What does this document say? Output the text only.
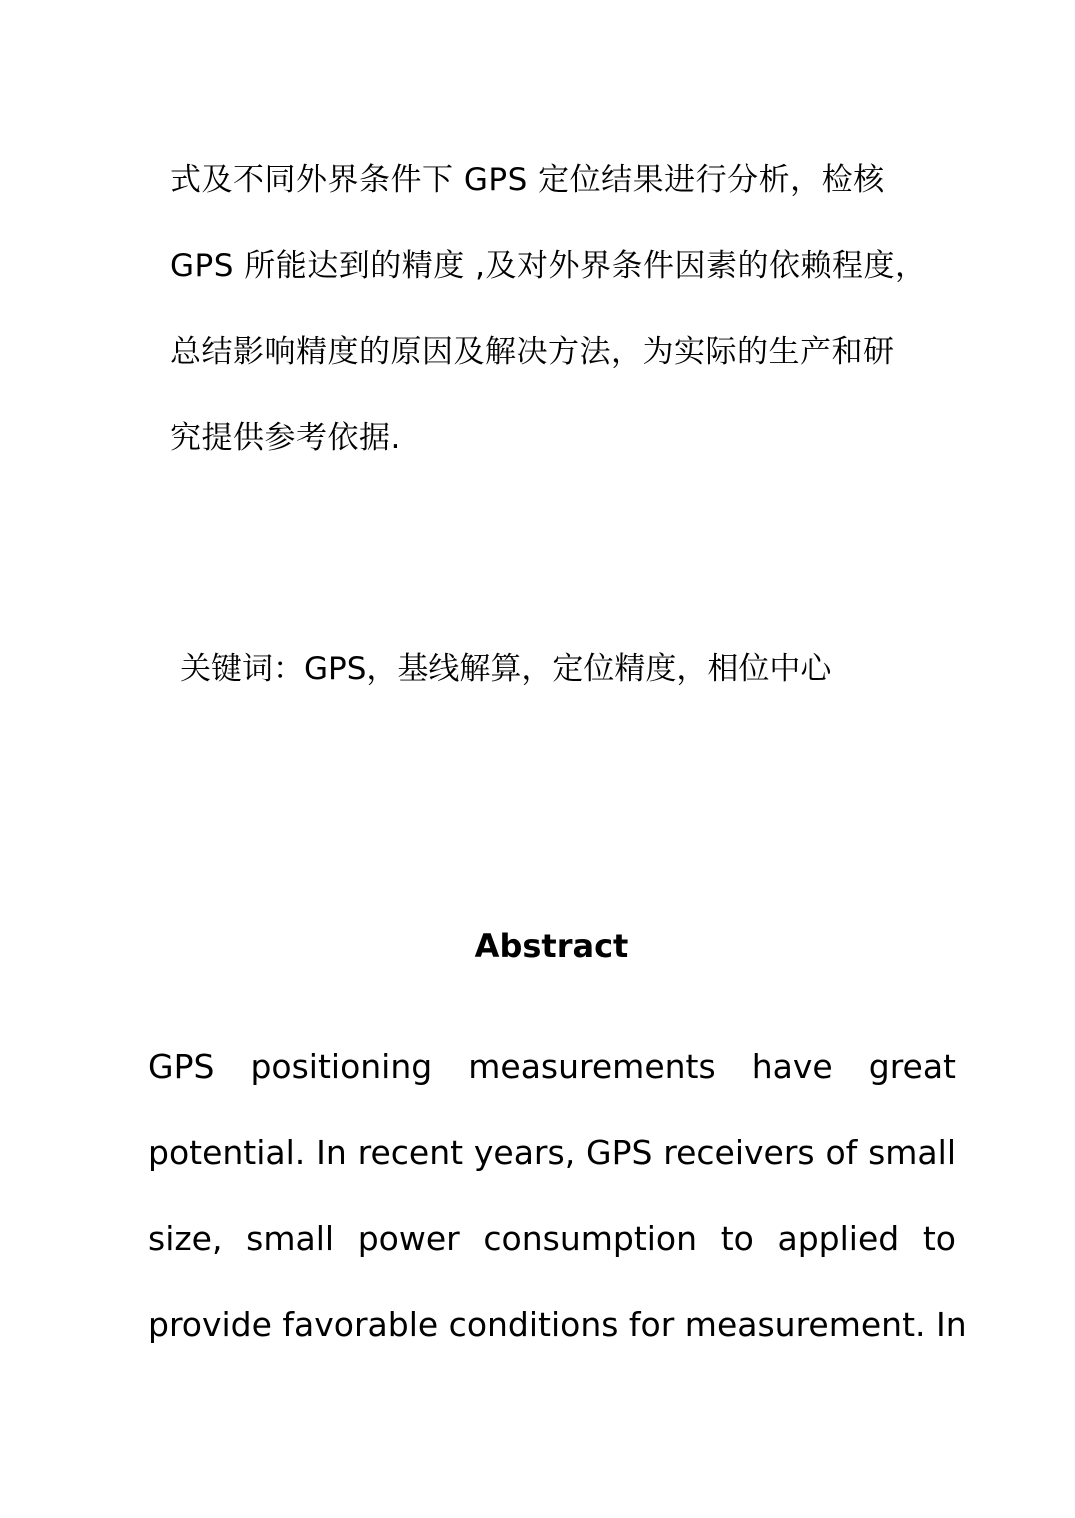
式及不同外界条件下 GPS 定位结果进行分析，检核
GPS 所能达到的精度 ,及对外界条件因素的依赖程度，
总结影响精度的原因及解决方法，为实际的生产和研
究提供参考依据.
关键词：GPS，基线解算，定位精度，相位中心
Abstract
GPS positioning measurements have great
potential. In recent years, GPS receivers of small
size, small power consumption to applied to
provide favorable conditions for measurement. In
